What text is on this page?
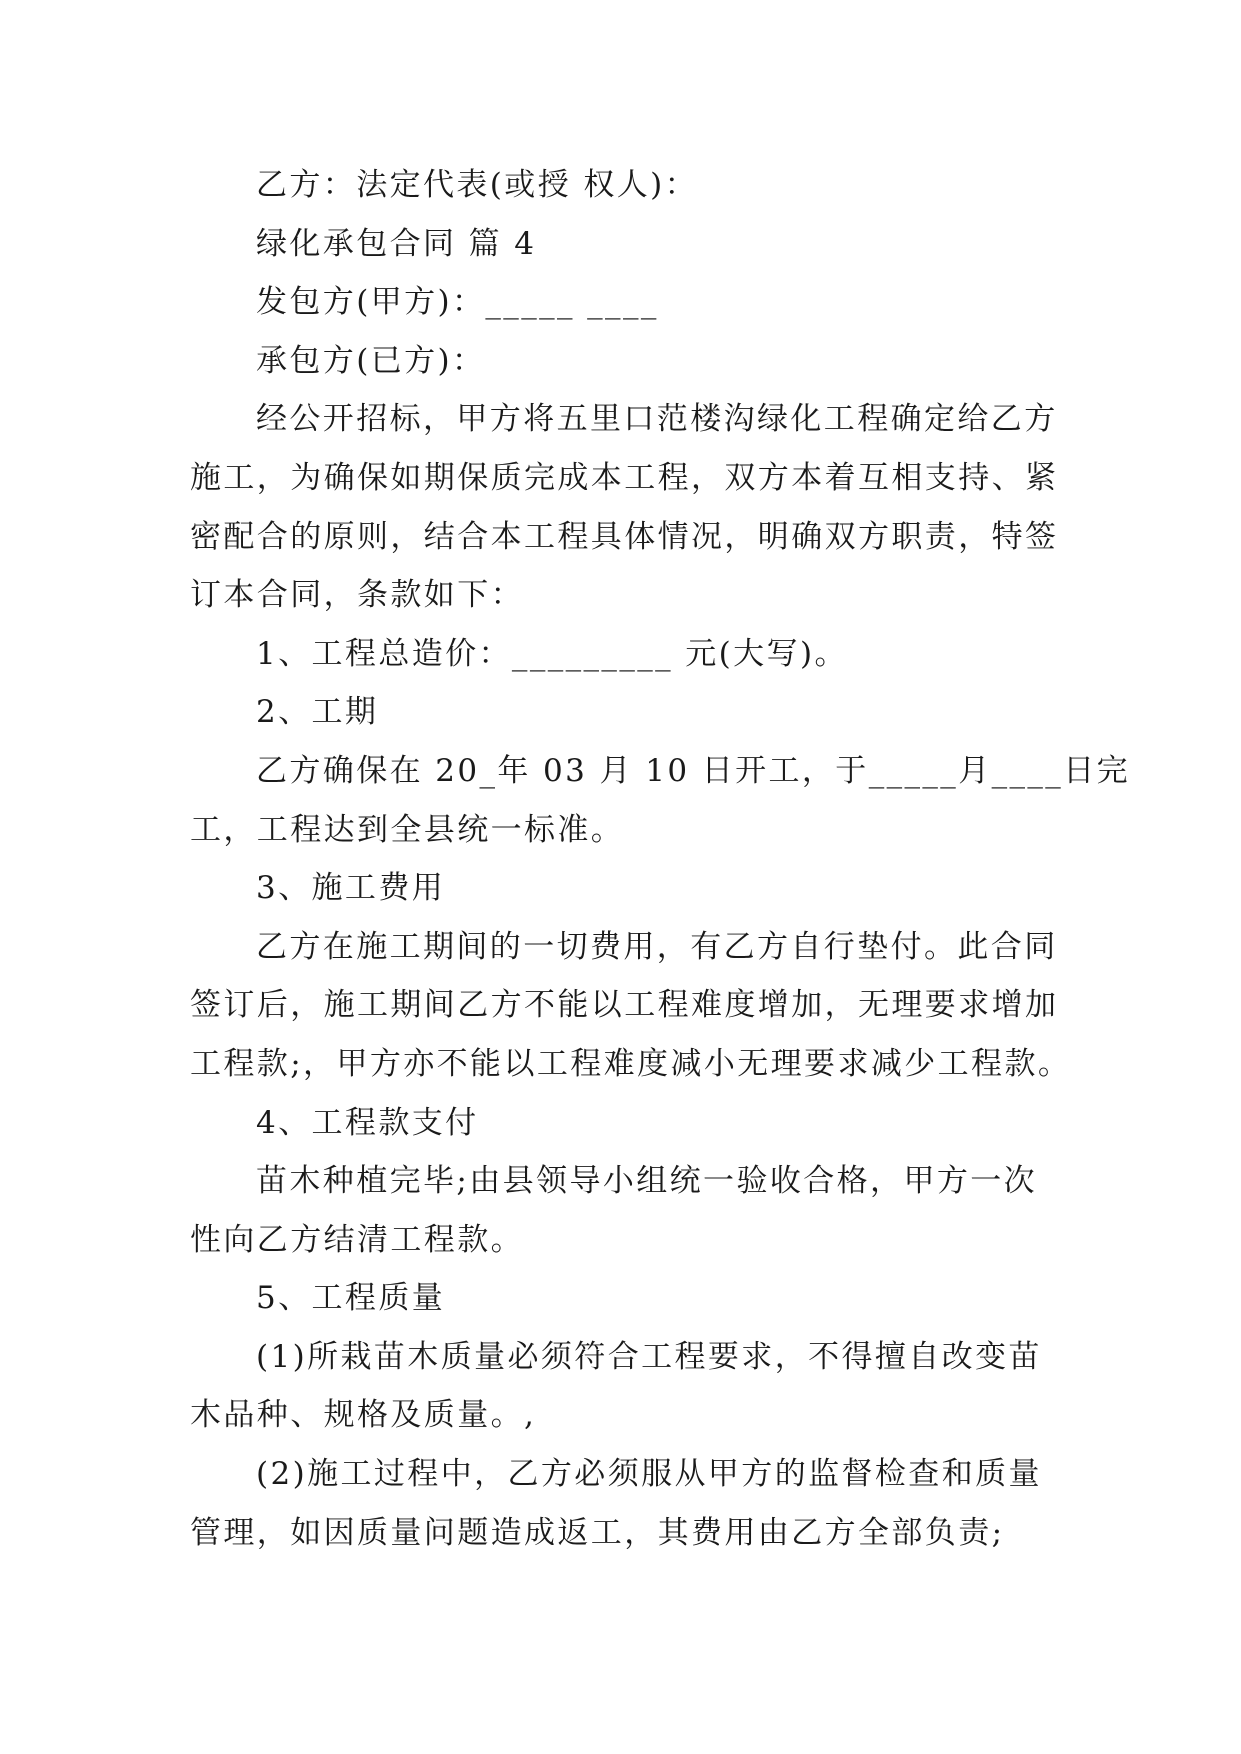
乙方：法定代表(或授 权人)：
绿化承包合同 篇 4
发包方(甲方)：_____ ____
承包方(已方)：
经公开招标，甲方将五里口范楼沟绿化工程确定给乙方
施工，为确保如期保质完成本工程，双方本着互相支持、紧
密配合的原则，结合本工程具体情况，明确双方职责，特签
订本合同，条款如下：
1、工程总造价：_________ 元(大写)。
2、工期
乙方确保在 20_年 03 月 10 日开工，于_____月____日完
工，工程达到全县统一标准。
3、施工费用
乙方在施工期间的一切费用，有乙方自行垫付。此合同
签订后，施工期间乙方不能以工程难度增加，无理要求增加
工程款;，甲方亦不能以工程难度减小无理要求减少工程款。
4、工程款支付
苗木种植完毕;由县领导小组统一验收合格，甲方一次
性向乙方结清工程款。
5、工程质量
(1)所栽苗木质量必须符合工程要求，不得擅自改变苗
木品种、规格及质量。,
(2)施工过程中，乙方必须服从甲方的监督检查和质量
管理，如因质量问题造成返工，其费用由乙方全部负责;
